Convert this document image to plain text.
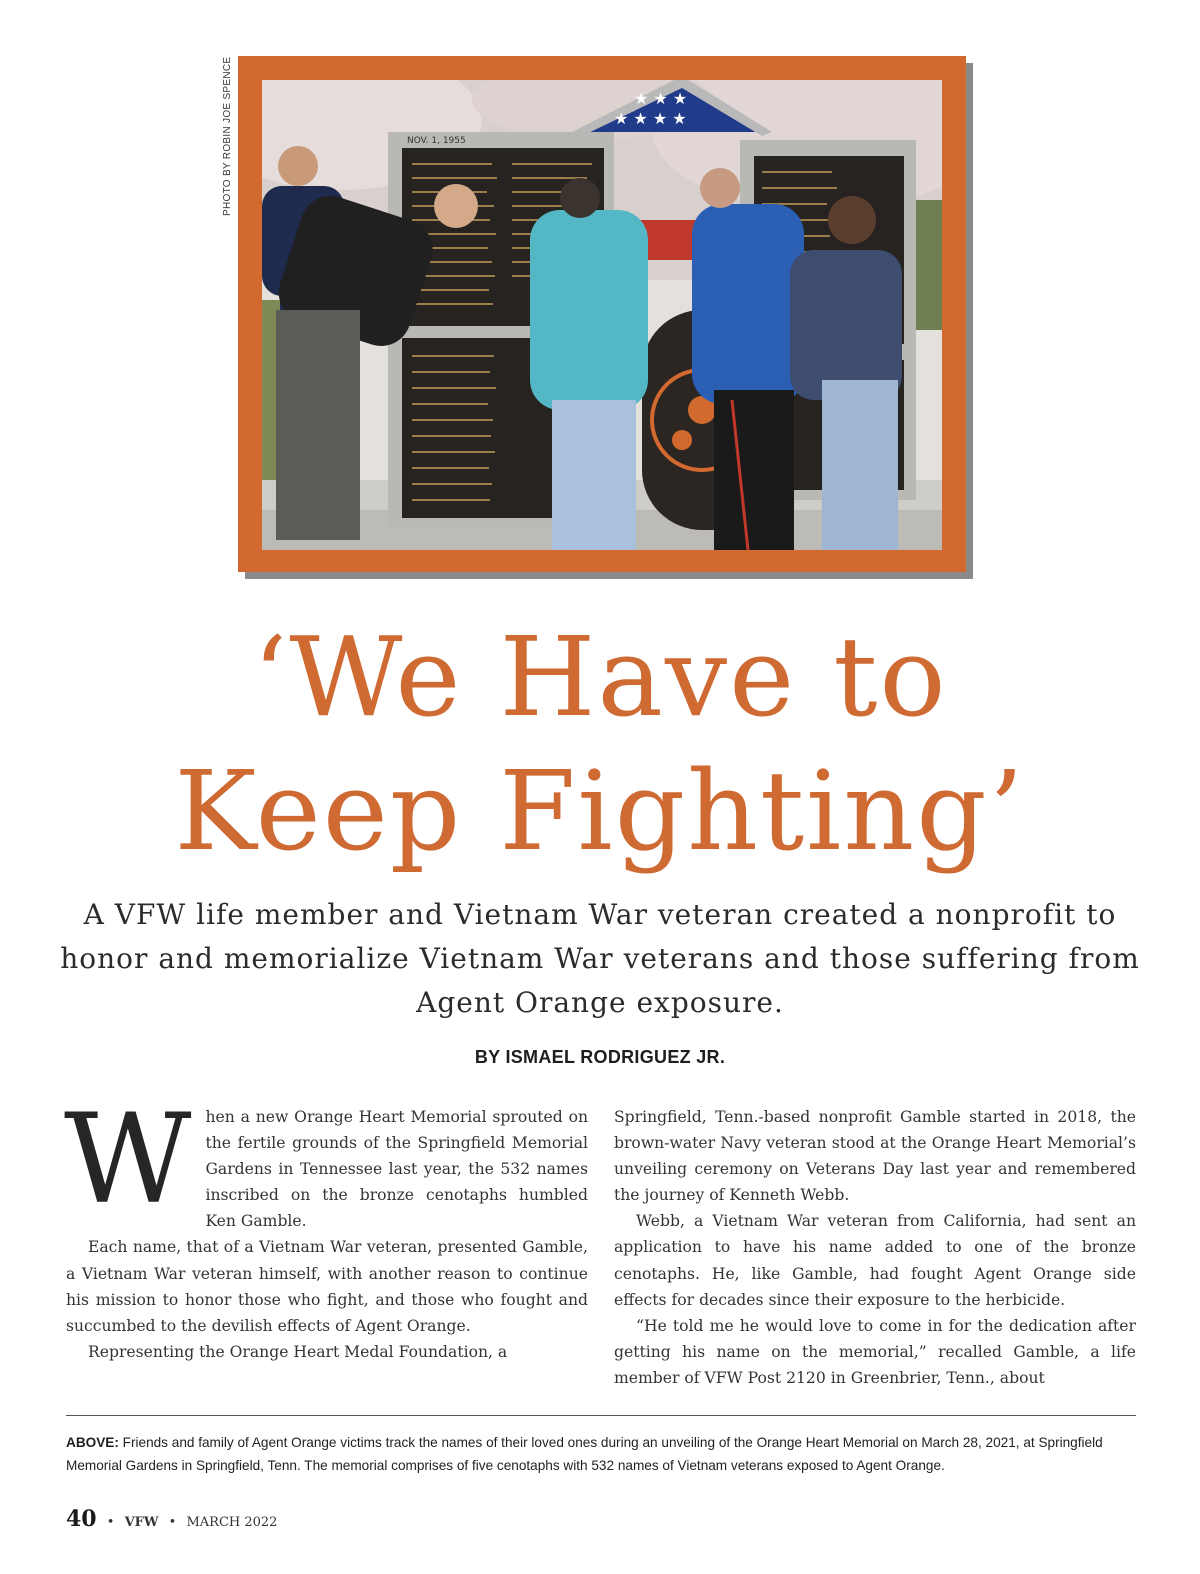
PHOTO BY ROBIN JOE SPENCE	★ ★ ★
★ ★ ★ ★
NOV. 1, 1955
‘We Have to
Keep Fighting’
A VFW life member and Vietnam War veteran created a nonprofit to honor and memorialize Vietnam War veterans and those suffering from Agent Orange exposure.
BY ISMAEL RODRIGUEZ JR.

When a new Orange Heart Memorial sprouted on the fertile grounds of the Springfield Memorial Gardens in Tennessee last year, the 532 names inscribed on the bronze cenotaphs humbled Ken Gamble.

Each name, that of a Vietnam War veteran, presented Gamble, a Vietnam War veteran himself, with another reason to continue his mission to honor those who fight, and those who fought and succumbed to the devilish effects of Agent Orange.

Representing the Orange Heart Medal Foundation, a

Springfield, Tenn.-based nonprofit Gamble started in 2018, the brown-water Navy veteran stood at the Orange Heart Memorial’s unveiling ceremony on Veterans Day last year and remembered the journey of Kenneth Webb.

Webb, a Vietnam War veteran from California, had sent an application to have his name added to one of the bronze cenotaphs. He, like Gamble, had fought Agent Orange side effects for decades since their exposure to the herbicide.

“He told me he would love to come in for the dedication after getting his name on the memorial,” recalled Gamble, a life member of VFW Post 2120 in Greenbrier, Tenn., about

ABOVE: Friends and family of Agent Orange victims track the names of their loved ones during an unveiling of the Orange Heart Memorial on March 28, 2021, at Springfield Memorial Gardens in Springfield, Tenn. The memorial comprises of five cenotaphs with 532 names of Vietnam veterans exposed to Agent Orange.
40 • VFW • MARCH 2022
